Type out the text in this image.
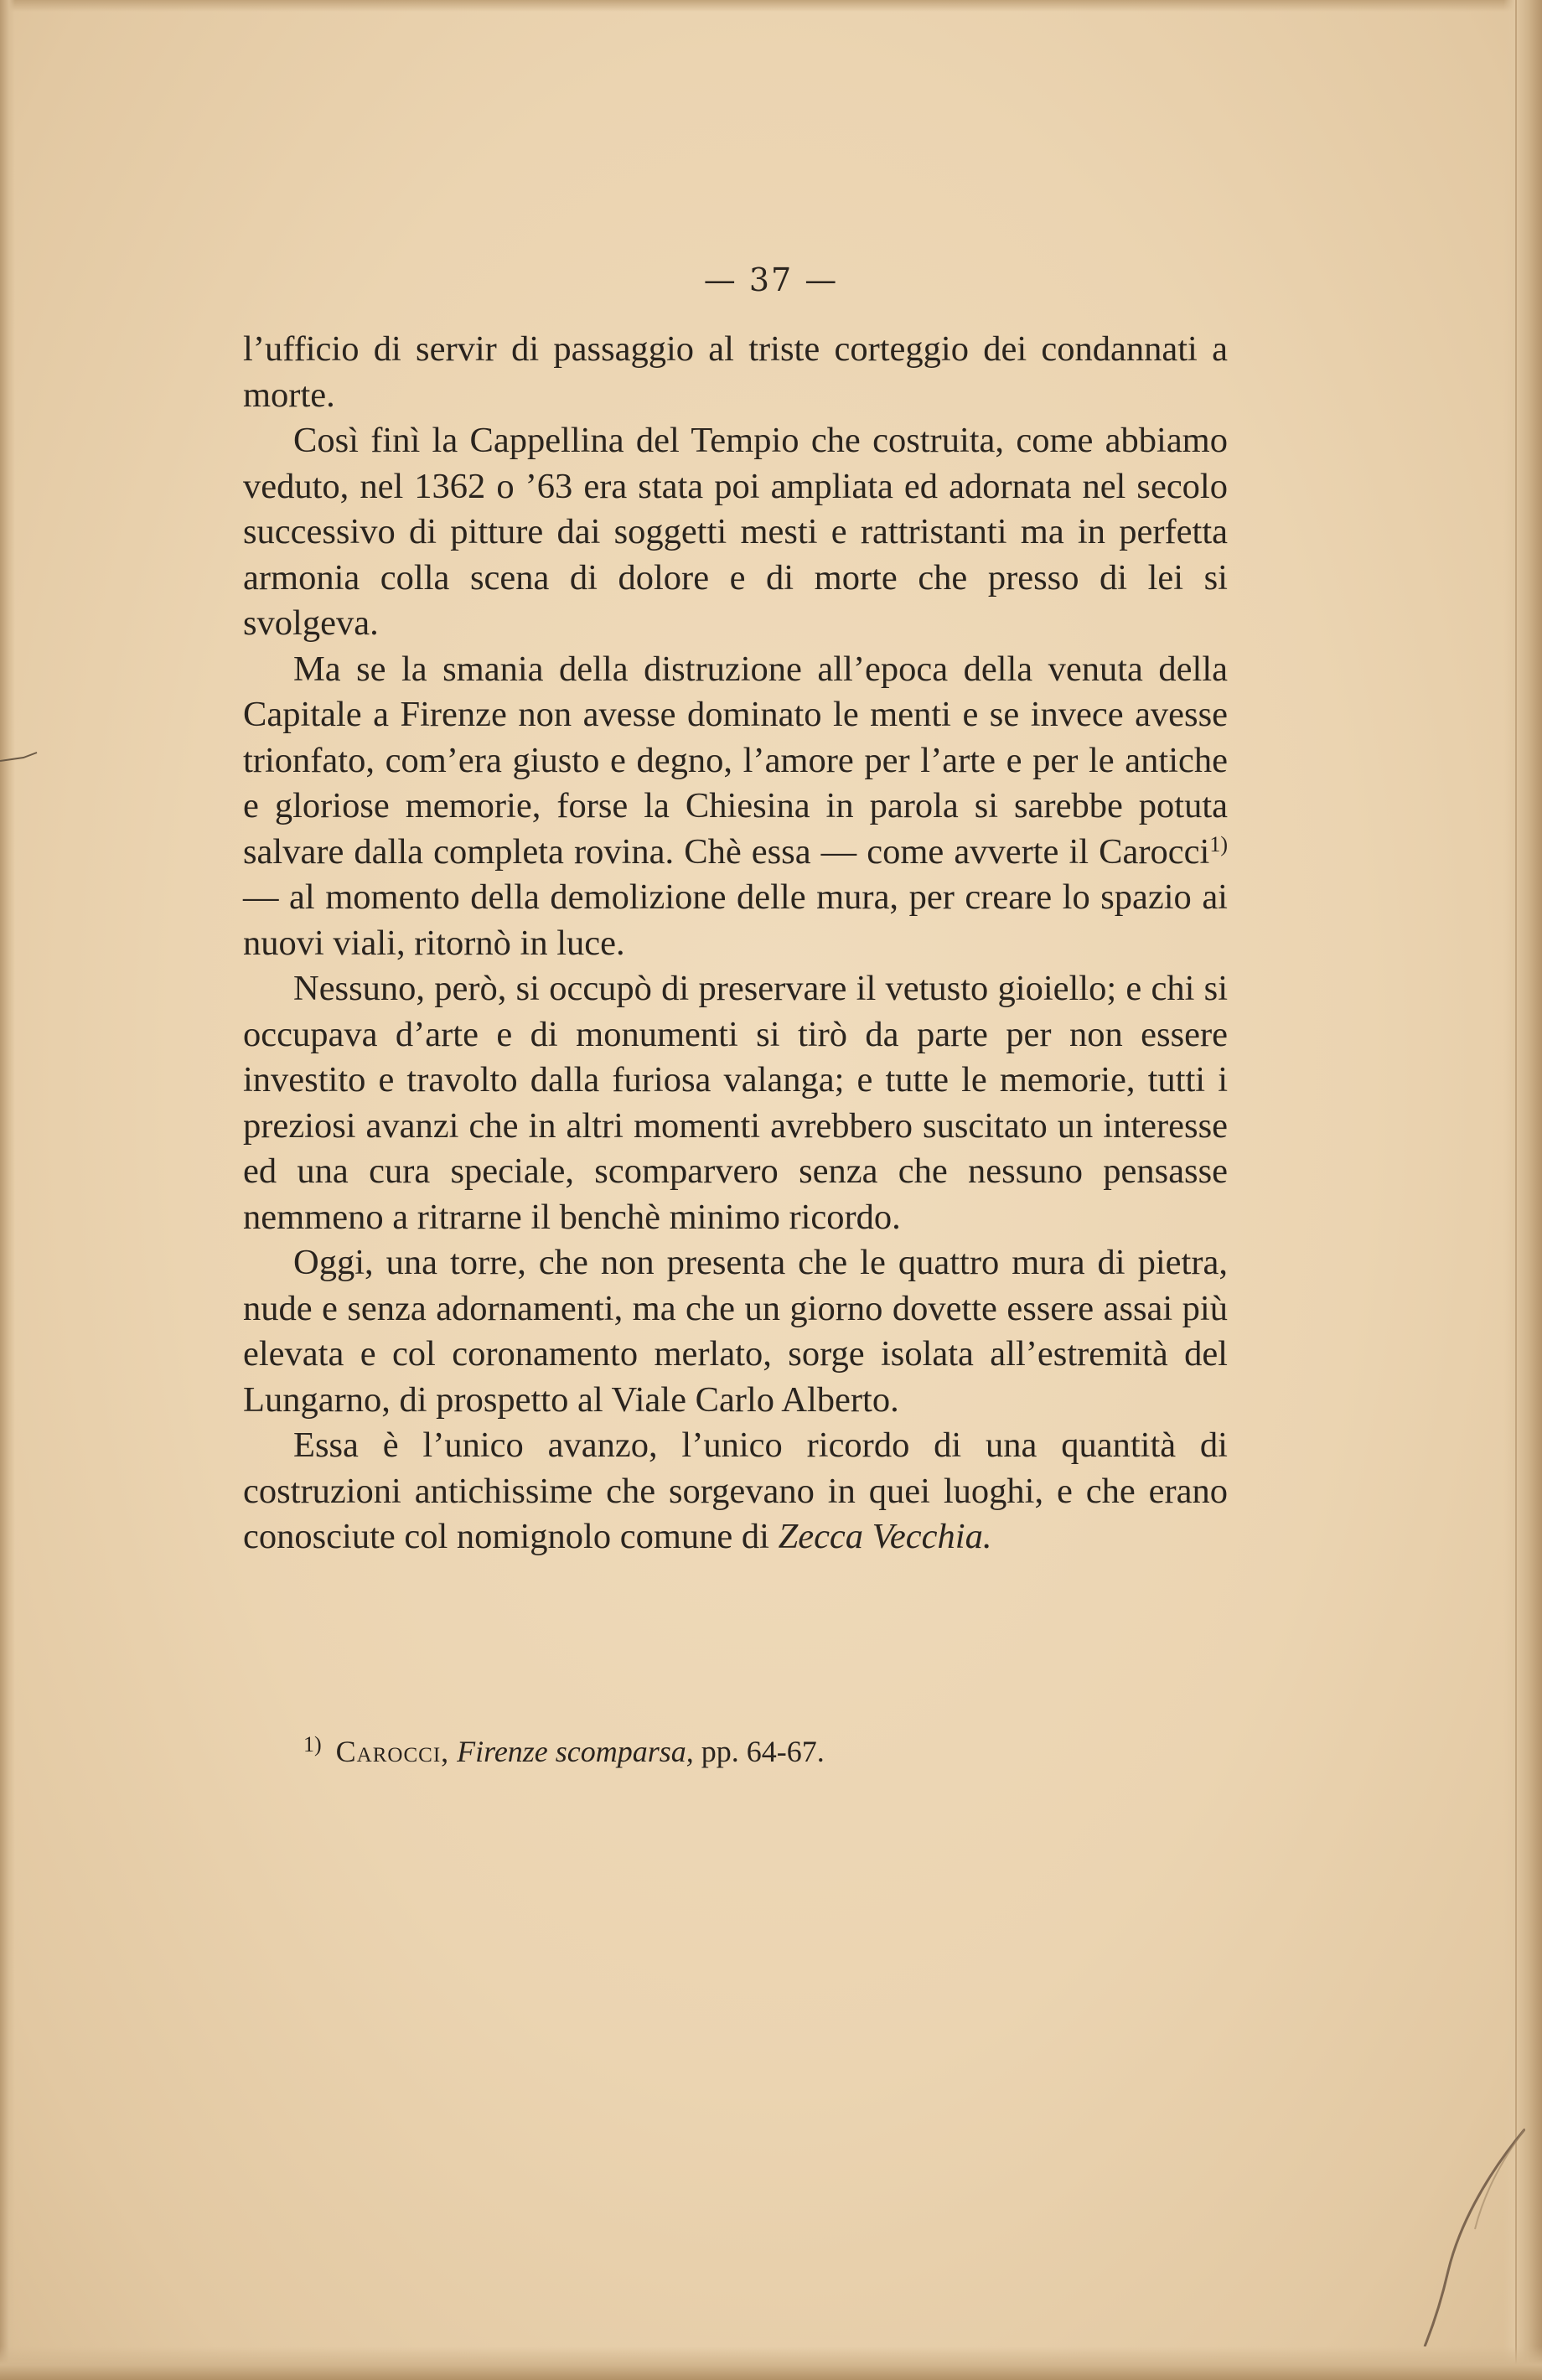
— 37 —

l’ufficio di servir di passaggio al triste corteggio dei condannati a morte.

Così finì la Cappellina del Tempio che costruita, come abbiamo veduto, nel 1362 o ’63 era stata poi ampliata ed adornata nel secolo successivo di pitture dai soggetti mesti e rattristanti ma in perfetta armonia colla scena di dolore e di morte che presso di lei si svolgeva.

Ma se la smania della distruzione all’epoca della venuta della Capitale a Firenze non avesse dominato le menti e se invece avesse trionfato, com’era giusto e degno, l’amore per l’arte e per le antiche e gloriose memorie, forse la Chiesina in parola si sarebbe potuta salvare dalla completa rovina. Chè essa — come avverte il Carocci$^{1)}$ — al momento della demolizione delle mura, per creare lo spazio ai nuovi viali, ritornò in luce.

Nessuno, però, si occupò di preservare il vetusto gioiello; e chi si occupava d’arte e di monumenti si tirò da parte per non essere investito e travolto dalla furiosa valanga; e tutte le memorie, tutti i preziosi avanzi che in altri momenti avrebbero suscitato un interesse ed una cura speciale, scomparvero senza che nessuno pensasse nemmeno a ritrarne il benchè minimo ricordo.

Oggi, una torre, che non presenta che le quattro mura di pietra, nude e senza adornamenti, ma che un giorno dovette essere assai più elevata e col coronamento merlato, sorge isolata all’estremità del Lungarno, di prospetto al Viale Carlo Alberto.

Essa è l’unico avanzo, l’unico ricordo di una quantità di costruzioni antichissime che sorgevano in quei luoghi, e che erano conosciute col nomignolo comune di Zecca Vecchia.

$^{1)}$ Carocci, Firenze scomparsa, pp. 64-67.
